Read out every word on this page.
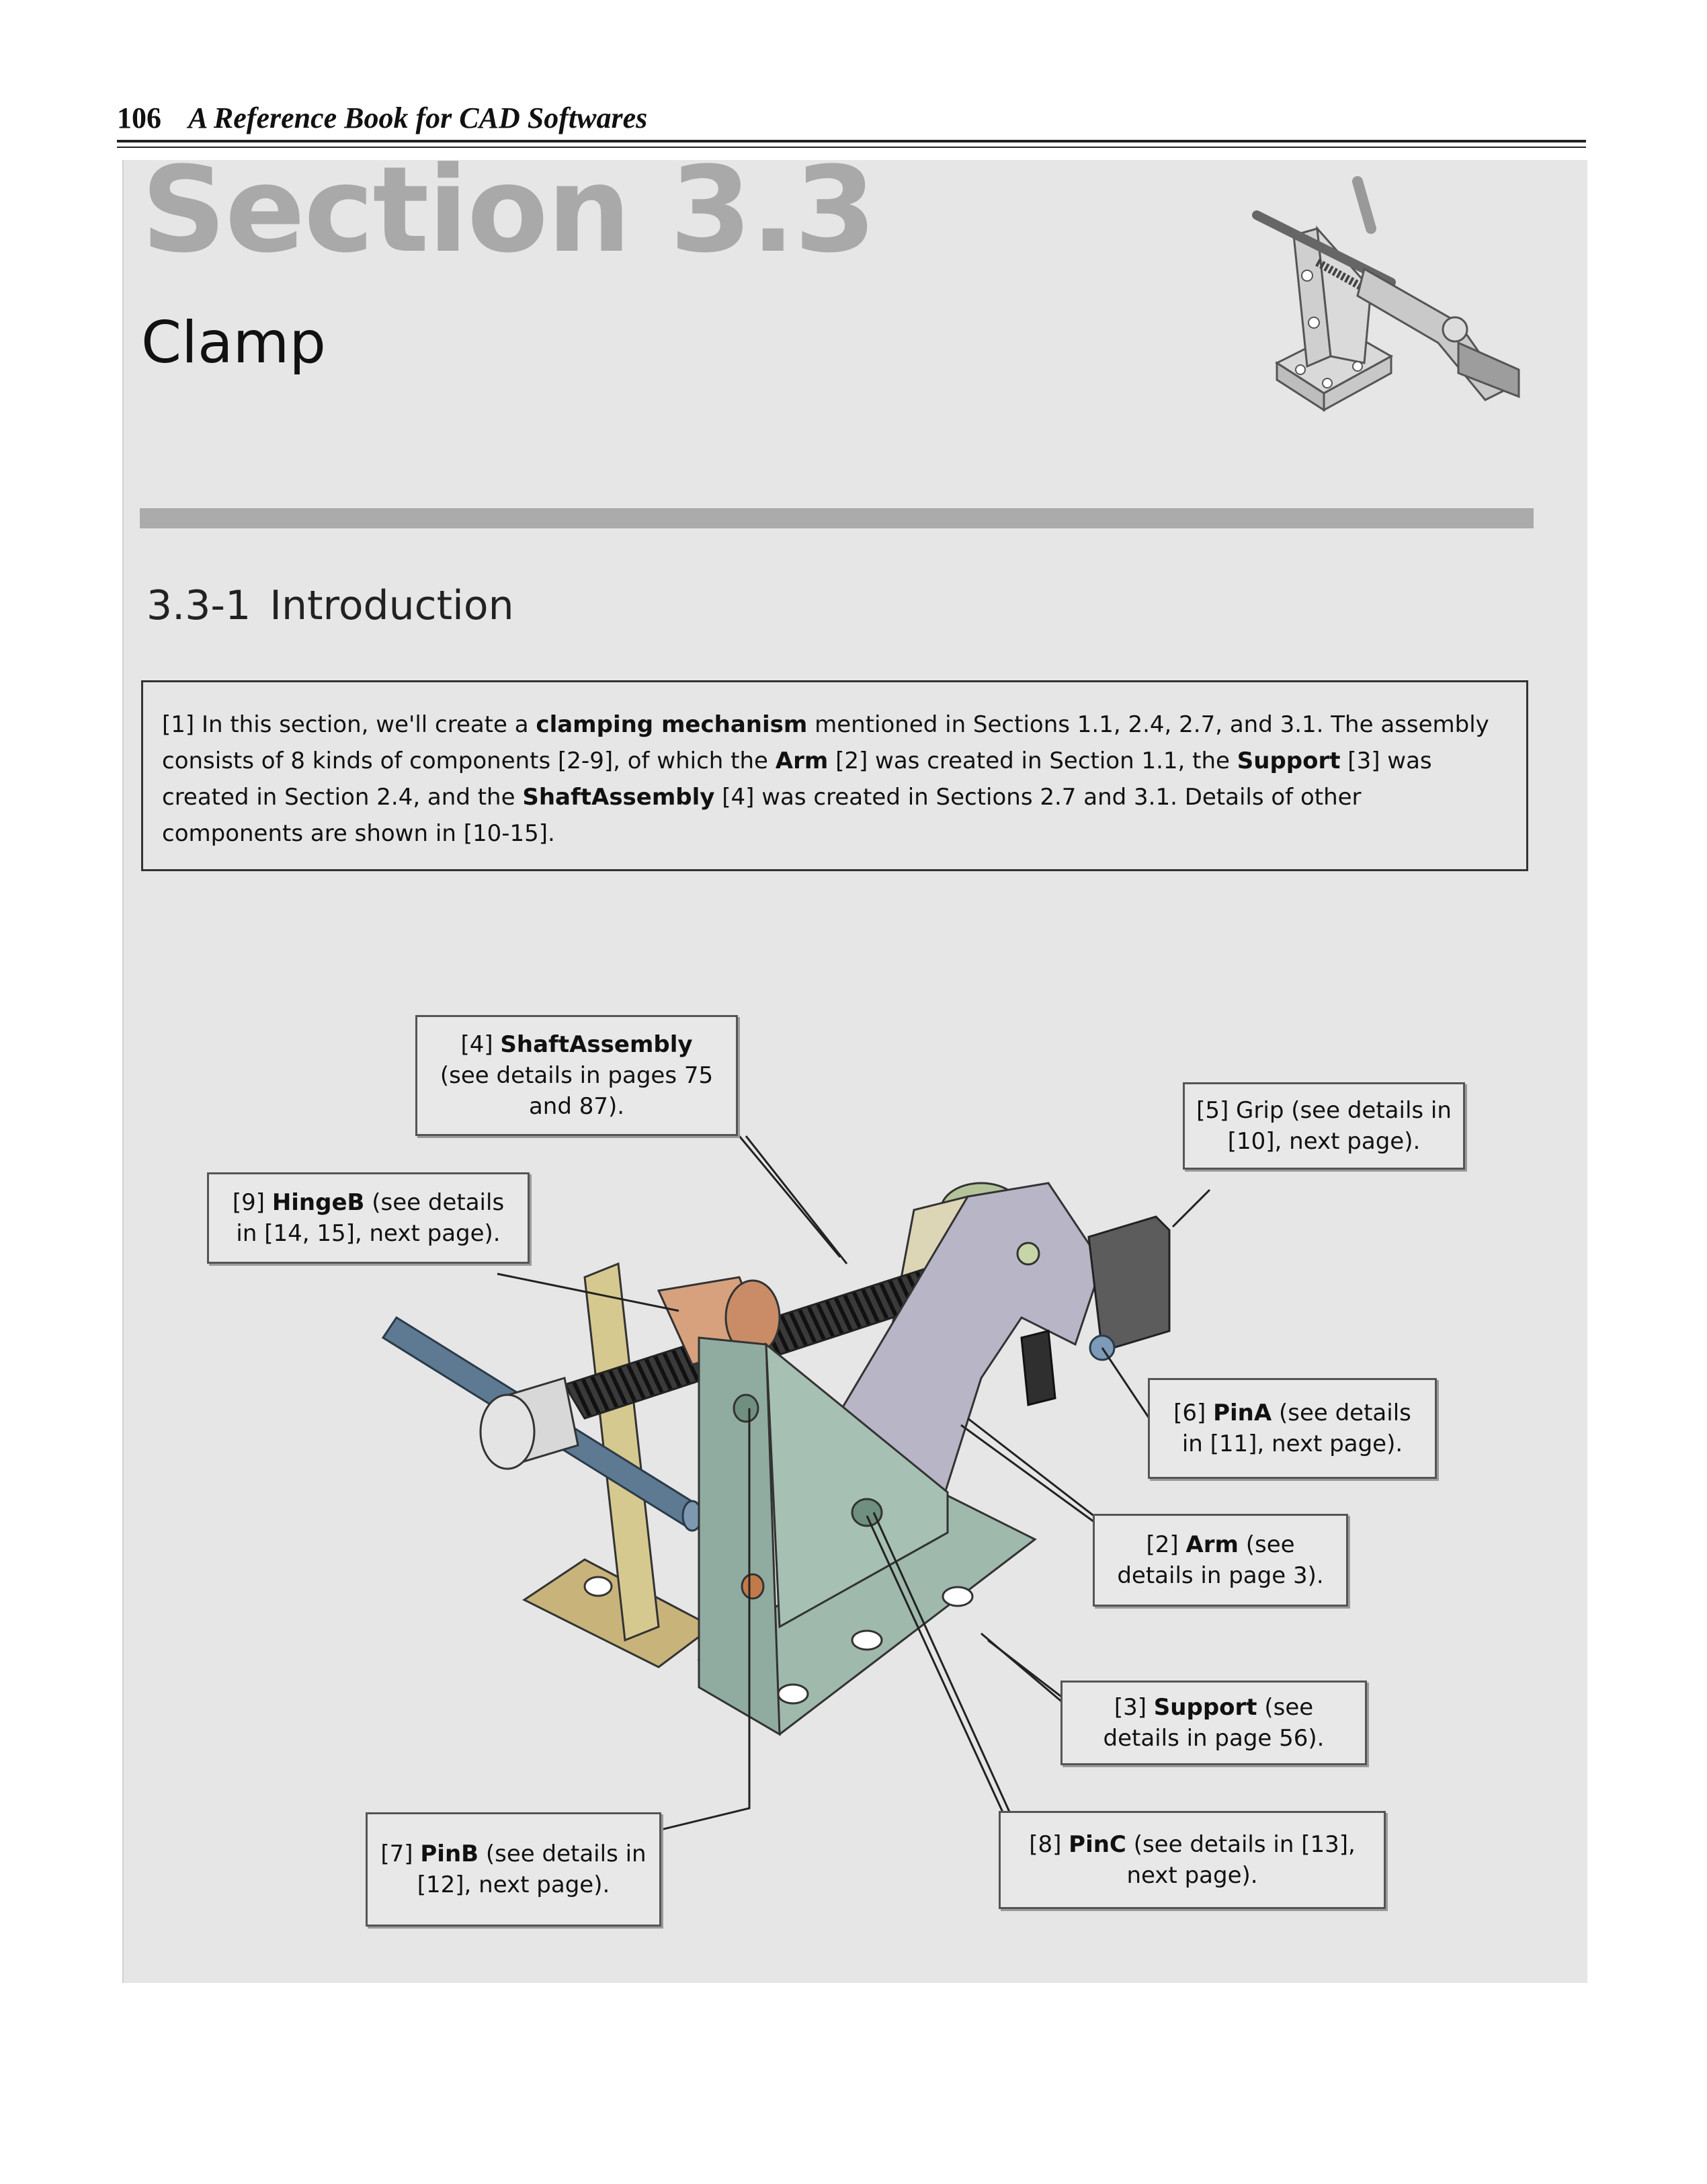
106 A Reference Book for CAD Softwares
Section 3.3
Clamp
3.3-1 Introduction
[1] In this section, we'll create a clamping mechanism mentioned in Sections 1.1, 2.4, 2.7, and 3.1. The assembly consists of 8 kinds of components [2-9], of which the Arm [2] was created in Section 1.1, the Support [3] was created in Section 2.4, and the ShaftAssembly [4] was created in Sections 2.7 and 3.1. Details of other components are shown in [10-15].
[4] ShaftAssembly
(see details in pages 75
and 87).	[5] Grip (see details in
[10], next page).
[9] HingeB (see details
in [14, 15], next page).
[6] PinA (see details
in [11], next page).
[2] Arm (see
details in page 3).
[3] Support (see
details in page 56).
[7] PinB (see details in
[12], next page).
[8] PinC (see details in [13],
next page).
